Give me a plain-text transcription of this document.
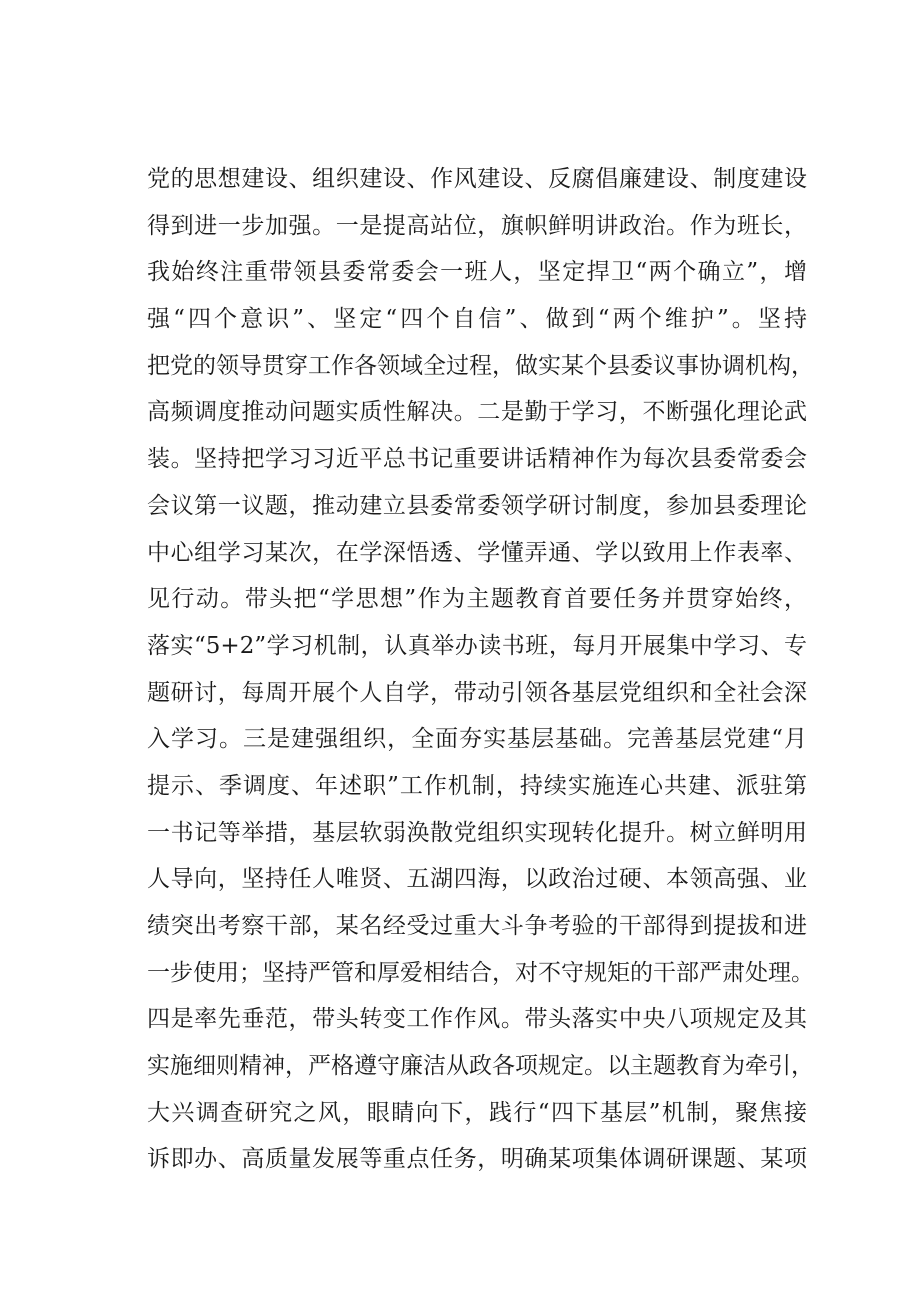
党的思想建设、组织建设、作风建设、反腐倡廉建设、制度建设
得到进一步加强。一是提高站位，旗帜鲜明讲政治。作为班长，
我始终注重带领县委常委会一班人，坚定捍卫“两个确立”，增
强“四个意识”、坚定“四个自信”、做到“两个维护”。坚持
把党的领导贯穿工作各领域全过程，做实某个县委议事协调机构，
高频调度推动问题实质性解决。二是勤于学习，不断强化理论武
装。坚持把学习习近平总书记重要讲话精神作为每次县委常委会
会议第一议题，推动建立县委常委领学研讨制度，参加县委理论
中心组学习某次，在学深悟透、学懂弄通、学以致用上作表率、
见行动。带头把“学思想”作为主题教育首要任务并贯穿始终，
落实“5+2”学习机制，认真举办读书班，每月开展集中学习、专
题研讨，每周开展个人自学，带动引领各基层党组织和全社会深
入学习。三是建强组织，全面夯实基层基础。完善基层党建“月
提示、季调度、年述职”工作机制，持续实施连心共建、派驻第
一书记等举措，基层软弱涣散党组织实现转化提升。树立鲜明用
人导向，坚持任人唯贤、五湖四海，以政治过硬、本领高强、业
绩突出考察干部，某名经受过重大斗争考验的干部得到提拔和进
一步使用；坚持严管和厚爱相结合，对不守规矩的干部严肃处理。
四是率先垂范，带头转变工作作风。带头落实中央八项规定及其
实施细则精神，严格遵守廉洁从政各项规定。以主题教育为牵引，
大兴调查研究之风，眼睛向下，践行“四下基层”机制，聚焦接
诉即办、高质量发展等重点任务，明确某项集体调研课题、某项
